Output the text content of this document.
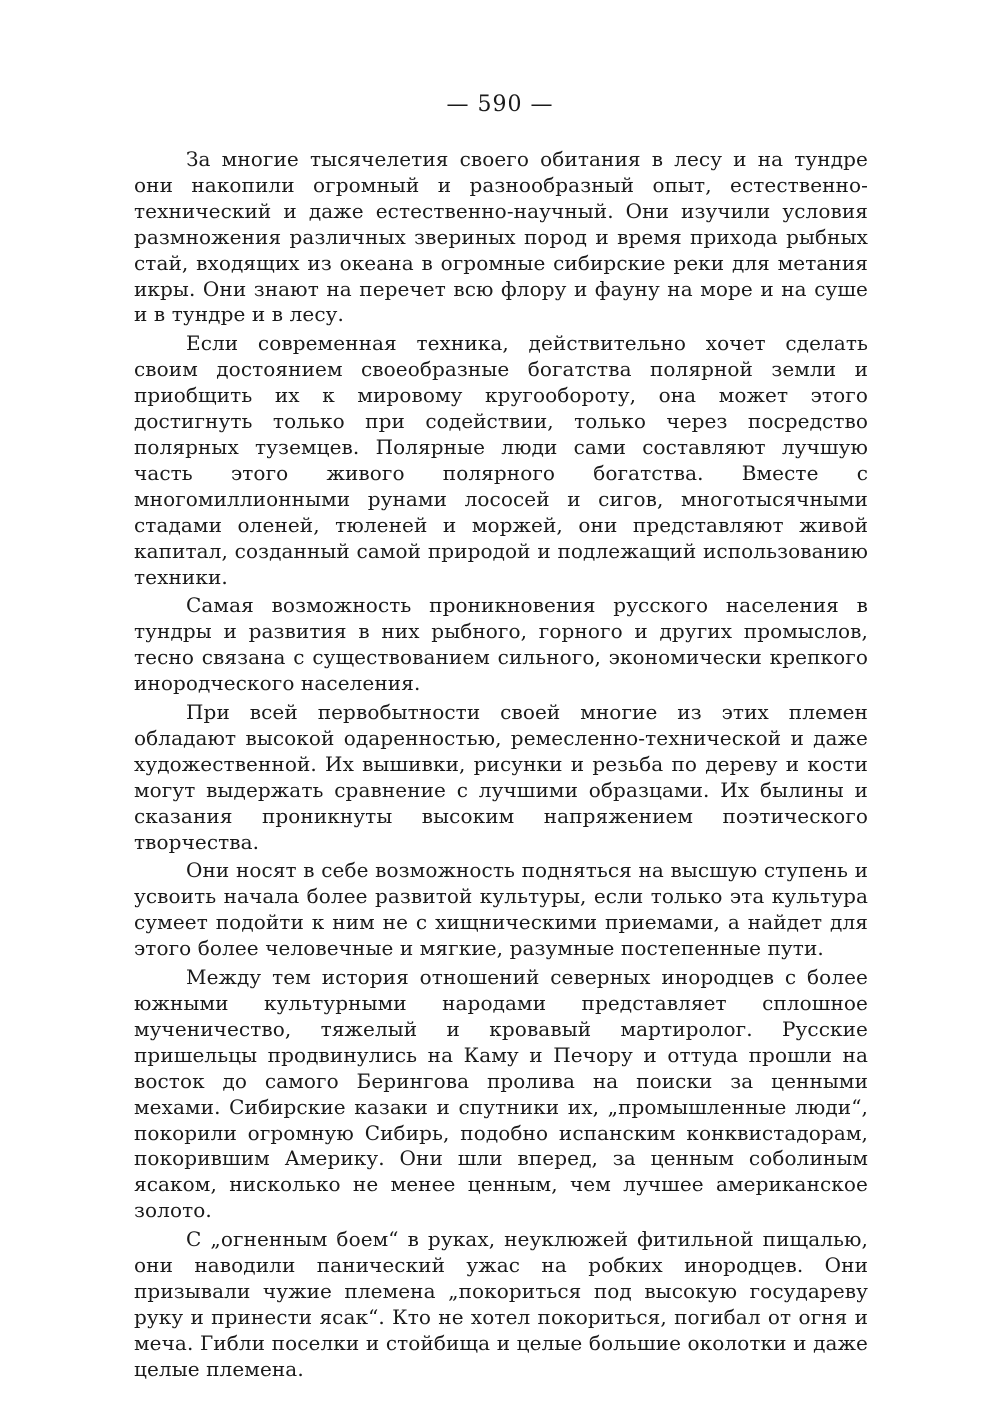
— 590 —

За многие тысячелетия своего обитания в лесу и на тундре они накопили огромный и разнообразный опыт, естественно-технический и даже естественно-научный. Они изучили условия размножения различных звериных пород и время прихода рыбных стай, входящих из океана в огромные сибирские реки для метания икры. Они знают на перечет всю флору и фауну на море и на суше и в тундре и в лесу.

Если современная техника, действительно хочет сделать своим достоянием своеобразные богатства полярной земли и приобщить их к мировому кругообороту, она может этого достигнуть только при содействии, только через посредство полярных туземцев. Полярные люди сами составляют лучшую часть этого живого полярного богатства. Вместе с многомиллионными рунами лососей и сигов, многотысячными стадами оленей, тюленей и моржей, они представляют живой капитал, созданный самой природой и подлежащий использованию техники.

Самая возможность проникновения русского населения в тундры и развития в них рыбного, горного и других промыслов, тесно связана с существованием сильного, экономически крепкого инородческого населения.

При всей первобытности своей многие из этих племен обладают высокой одаренностью, ремесленно-технической и даже художественной. Их вышивки, рисунки и резьба по дереву и кости могут выдержать сравнение с лучшими образцами. Их былины и сказания проникнуты высоким напряжением поэтического творчества.

Они носят в себе возможность подняться на высшую ступень и усвоить начала более развитой культуры, если только эта культура сумеет подойти к ним не с хищническими приемами, а найдет для этого более человечные и мягкие, разумные постепенные пути.

Между тем история отношений северных инородцев с более южными культурными народами представляет сплошное мученичество, тяжелый и кровавый мартиролог. Русские пришельцы продвинулись на Каму и Печору и оттуда прошли на восток до самого Берингова пролива на поиски за ценными мехами. Сибирские казаки и спутники их, „промышленные люди“, покорили огромную Сибирь, подобно испанским конквистадорам, покорившим Америку. Они шли вперед, за ценным соболиным ясаком, нисколько не менее ценным, чем лучшее американское золото.

С „огненным боем“ в руках, неуклюжей фитильной пищалью, они наводили панический ужас на робких инородцев. Они призывали чужие племена „покориться под высокую государеву руку и принести ясак“. Кто не хотел покориться, погибал от огня и меча. Гибли поселки и стойбища и целые большие околотки и даже целые племена.
